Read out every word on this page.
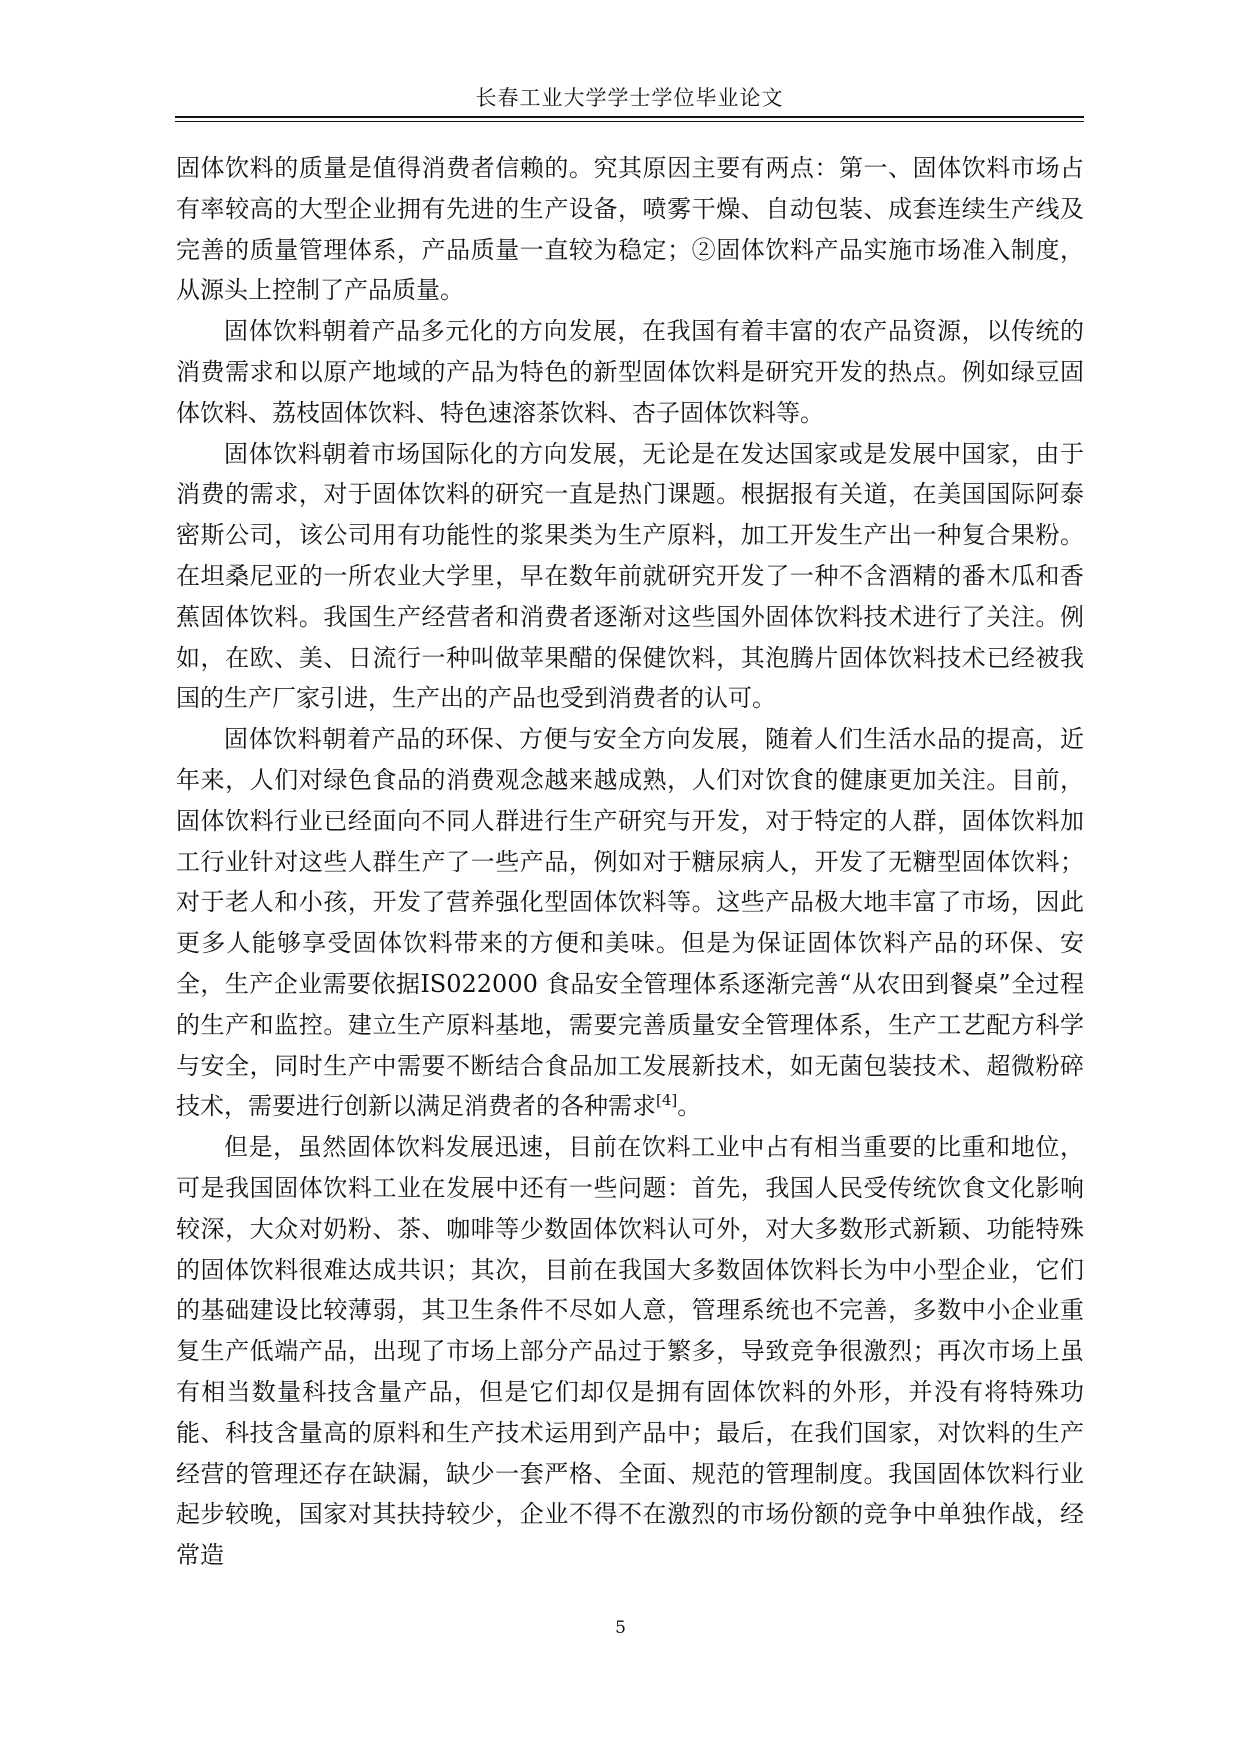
长春工业大学学士学位毕业论文

固体饮料的质量是值得消费者信赖的。究其原因主要有两点：第一、固体饮料市场占有率较高的大型企业拥有先进的生产设备，喷雾干燥、自动包装、成套连续生产线及完善的质量管理体系，产品质量一直较为稳定；②固体饮料产品实施市场准入制度，从源头上控制了产品质量。

固体饮料朝着产品多元化的方向发展，在我国有着丰富的农产品资源，以传统的消费需求和以原产地域的产品为特色的新型固体饮料是研究开发的热点。例如绿豆固体饮料、荔枝固体饮料、特色速溶茶饮料、杏子固体饮料等。

固体饮料朝着市场国际化的方向发展，无论是在发达国家或是发展中国家，由于消费的需求，对于固体饮料的研究一直是热门课题。根据报有关道，在美国国际阿泰密斯公司，该公司用有功能性的浆果类为生产原料，加工开发生产出一种复合果粉。在坦桑尼亚的一所农业大学里，早在数年前就研究开发了一种不含酒精的番木瓜和香蕉固体饮料。我国生产经营者和消费者逐渐对这些国外固体饮料技术进行了关注。例如，在欧、美、日流行一种叫做苹果醋的保健饮料，其泡腾片固体饮料技术已经被我国的生产厂家引进，生产出的产品也受到消费者的认可。

固体饮料朝着产品的环保、方便与安全方向发展，随着人们生活水品的提高，近年来，人们对绿色食品的消费观念越来越成熟，人们对饮食的健康更加关注。目前，固体饮料行业已经面向不同人群进行生产研究与开发，对于特定的人群，固体饮料加工行业针对这些人群生产了一些产品，例如对于糖尿病人，开发了无糖型固体饮料；对于老人和小孩，开发了营养强化型固体饮料等。这些产品极大地丰富了市场，因此更多人能够享受固体饮料带来的方便和美味。但是为保证固体饮料产品的环保、安全，生产企业需要依据IS022000 食品安全管理体系逐渐完善“从农田到餐桌”全过程的生产和监控。建立生产原料基地，需要完善质量安全管理体系，生产工艺配方科学与安全，同时生产中需要不断结合食品加工发展新技术，如无菌包装技术、超微粉碎技术，需要进行创新以满足消费者的各种需求[4]。

但是，虽然固体饮料发展迅速，目前在饮料工业中占有相当重要的比重和地位，可是我国固体饮料工业在发展中还有一些问题：首先，我国人民受传统饮食文化影响较深，大众对奶粉、茶、咖啡等少数固体饮料认可外，对大多数形式新颖、功能特殊的固体饮料很难达成共识；其次，目前在我国大多数固体饮料长为中小型企业，它们的基础建设比较薄弱，其卫生条件不尽如人意，管理系统也不完善，多数中小企业重复生产低端产品，出现了市场上部分产品过于繁多，导致竞争很激烈；再次市场上虽有相当数量科技含量产品，但是它们却仅是拥有固体饮料的外形，并没有将特殊功能、科技含量高的原料和生产技术运用到产品中；最后，在我们国家，对饮料的生产经营的管理还存在缺漏，缺少一套严格、全面、规范的管理制度。我国固体饮料行业起步较晚，国家对其扶持较少，企业不得不在激烈的市场份额的竞争中单独作战，经常造

5
